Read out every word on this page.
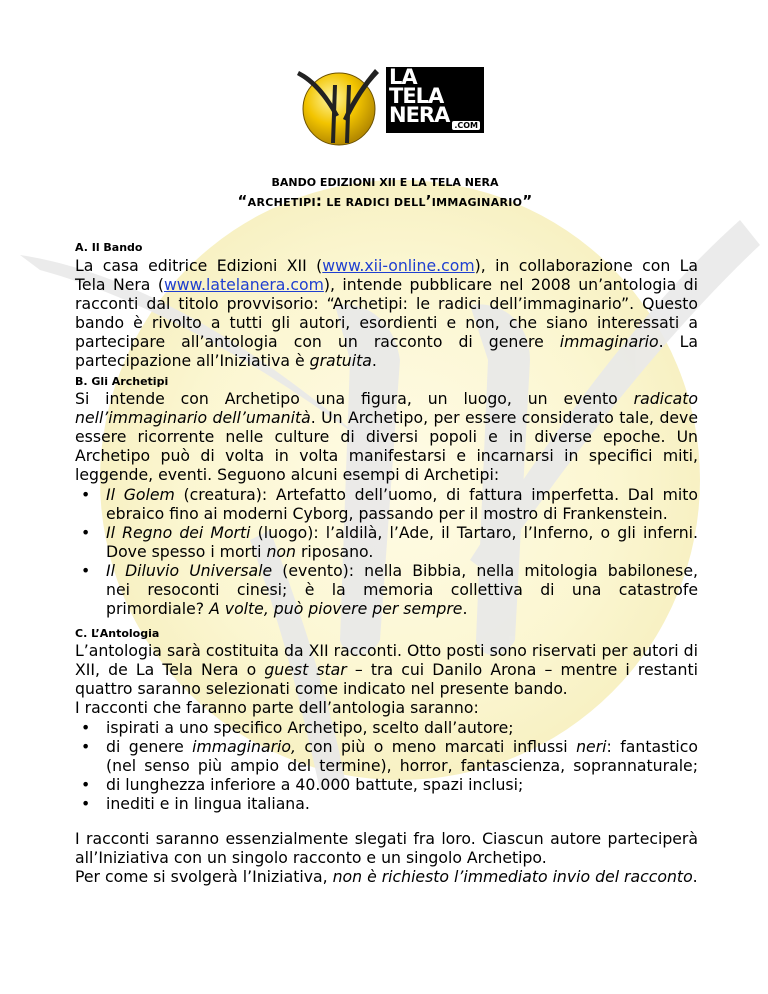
LA
TELA
NERA .COM
BANDO EDIZIONI XII E LA TELA NERA
“ARCHETIPI: LE RADICI DELL’IMMAGINARIO”
A. Il Bando
La casa editrice Edizioni XII (www.xii-online.com), in collaborazione con La
Tela Nera (www.latelanera.com), intende pubblicare nel 2008 un’antologia di
racconti dal titolo provvisorio: “Archetipi: le radici dell’immaginario”. Questo
bando è rivolto a tutti gli autori, esordienti e non, che siano interessati a
partecipare all’antologia con un racconto di genere immaginario. La
partecipazione all’Iniziativa è gratuita.
B. Gli Archetipi
Si intende con Archetipo una figura, un luogo, un evento radicato
nell’immaginario dell’umanità. Un Archetipo, per essere considerato tale, deve
essere ricorrente nelle culture di diversi popoli e in diverse epoche. Un
Archetipo può di volta in volta manifestarsi e incarnarsi in specifici miti,
leggende, eventi. Seguono alcuni esempi di Archetipi:
• Il Golem (creatura): Artefatto dell’uomo, di fattura imperfetta. Dal mito
ebraico fino ai moderni Cyborg, passando per il mostro di Frankenstein.
• Il Regno dei Morti (luogo): l’aldilà, l’Ade, il Tartaro, l’Inferno, o gli inferni.
Dove spesso i morti non riposano.
• Il Diluvio Universale (evento): nella Bibbia, nella mitologia babilonese,
nei resoconti cinesi; è la memoria collettiva di una catastrofe
primordiale? A volte, può piovere per sempre.
C. L’Antologia
L’antologia sarà costituita da XII racconti. Otto posti sono riservati per autori di
XII, de La Tela Nera o guest star – tra cui Danilo Arona – mentre i restanti
quattro saranno selezionati come indicato nel presente bando.
I racconti che faranno parte dell’antologia saranno:
• ispirati a uno specifico Archetipo, scelto dall’autore;
• di genere immaginario, con più o meno marcati influssi neri: fantastico
(nel senso più ampio del termine), horror, fantascienza, soprannaturale;
• di lunghezza inferiore a 40.000 battute, spazi inclusi;
• inediti e in lingua italiana.
I racconti saranno essenzialmente slegati fra loro. Ciascun autore parteciperà
all’Iniziativa con un singolo racconto e un singolo Archetipo.
Per come si svolgerà l’Iniziativa, non è richiesto l’immediato invio del racconto.
